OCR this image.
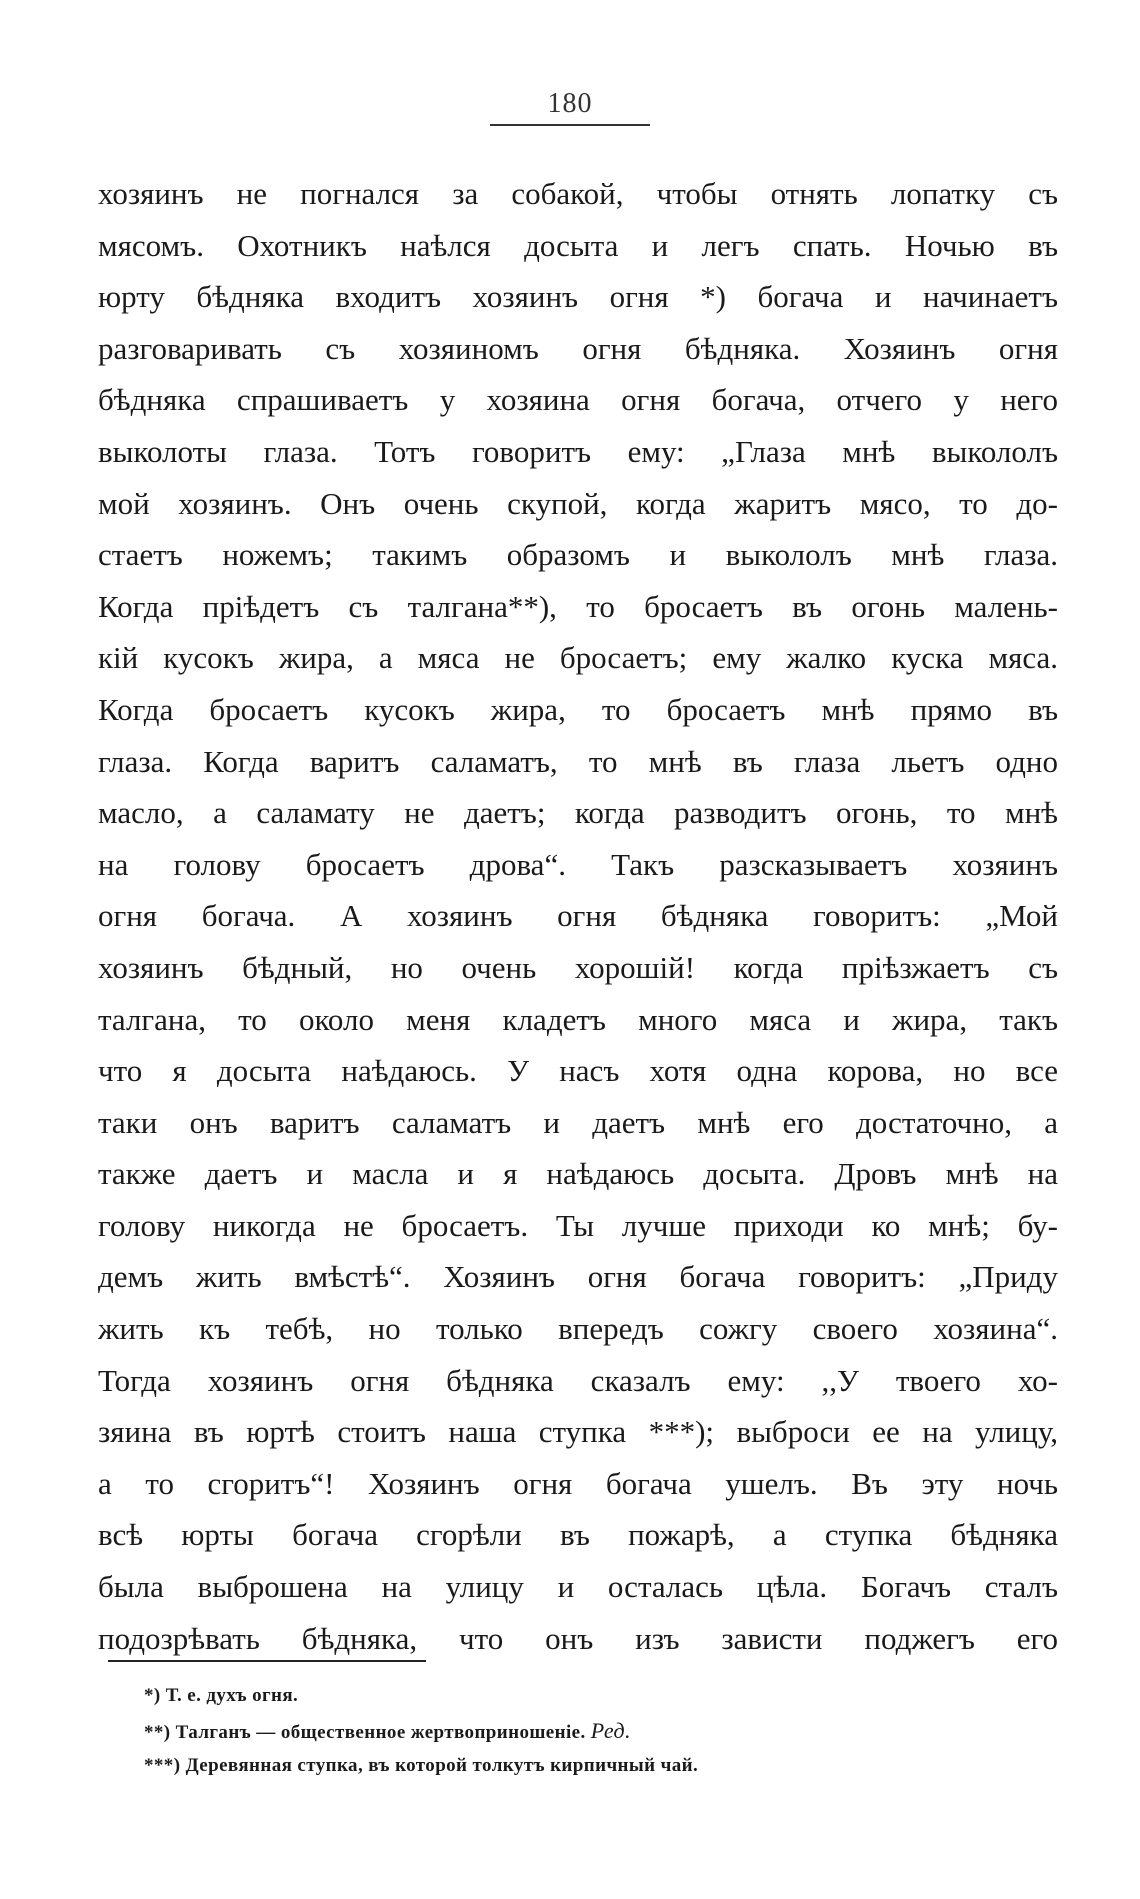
180
хозяинъ не погнался за собакой, чтобы отнять лопатку съ
мясомъ. Охотникъ наѣлся досыта и легъ спать. Ночью въ
юрту бѣдняка входитъ хозяинъ огня *) богача и начинаетъ
разговаривать съ хозяиномъ огня бѣдняка. Хозяинъ огня
бѣдняка спрашиваетъ у хозяина огня богача, отчего у него
выколоты глаза. Тотъ говоритъ ему: „Глаза мнѣ выкололъ
мой хозяинъ. Онъ очень скупой, когда жаритъ мясо, то до-
стаетъ ножемъ; такимъ образомъ и выкололъ мнѣ глаза.
Когда пріѣдетъ съ талгана**), то бросаетъ въ огонь малень-
кій кусокъ жира, а мяса не бросаетъ; ему жалко куска мяса.
Когда бросаетъ кусокъ жира, то бросаетъ мнѣ прямо въ
глаза. Когда варитъ саламатъ, то мнѣ въ глаза льетъ одно
масло, а саламату не даетъ; когда разводитъ огонь, то мнѣ
на голову бросаетъ дрова“. Такъ разсказываетъ хозяинъ
огня богача. А хозяинъ огня бѣдняка говоритъ: „Мой
хозяинъ бѣдный, но очень хорошій! когда пріѣзжаетъ съ
талгана, то около меня кладетъ много мяса и жира, такъ
что я досыта наѣдаюсь. У насъ хотя одна корова, но все
таки онъ варитъ саламатъ и даетъ мнѣ его достаточно, а
также даетъ и масла и я наѣдаюсь досыта. Дровъ мнѣ на
голову никогда не бросаетъ. Ты лучше приходи ко мнѣ; бу-
демъ жить вмѣстѣ“. Хозяинъ огня богача говоритъ: „Приду
жить къ тебѣ, но только впередъ сожгу своего хозяина“.
Тогда хозяинъ огня бѣдняка сказалъ ему: ,,У твоего хо-
зяина въ юртѣ стоитъ наша ступка ***); выброси ее на улицу,
а то сгоритъ“! Хозяинъ огня богача ушелъ. Въ эту ночь
всѣ юрты богача сгорѣли въ пожарѣ, а ступка бѣдняка
была выброшена на улицу и осталась цѣла. Богачъ сталъ
подозрѣвать бѣдняка, что онъ изъ зависти поджегъ его
*) Т. е. духъ огня.
**) Талганъ — общественное жертвоприношеніе. Ред.
***) Деревянная ступка, въ которой толкутъ кирпичный чай.
